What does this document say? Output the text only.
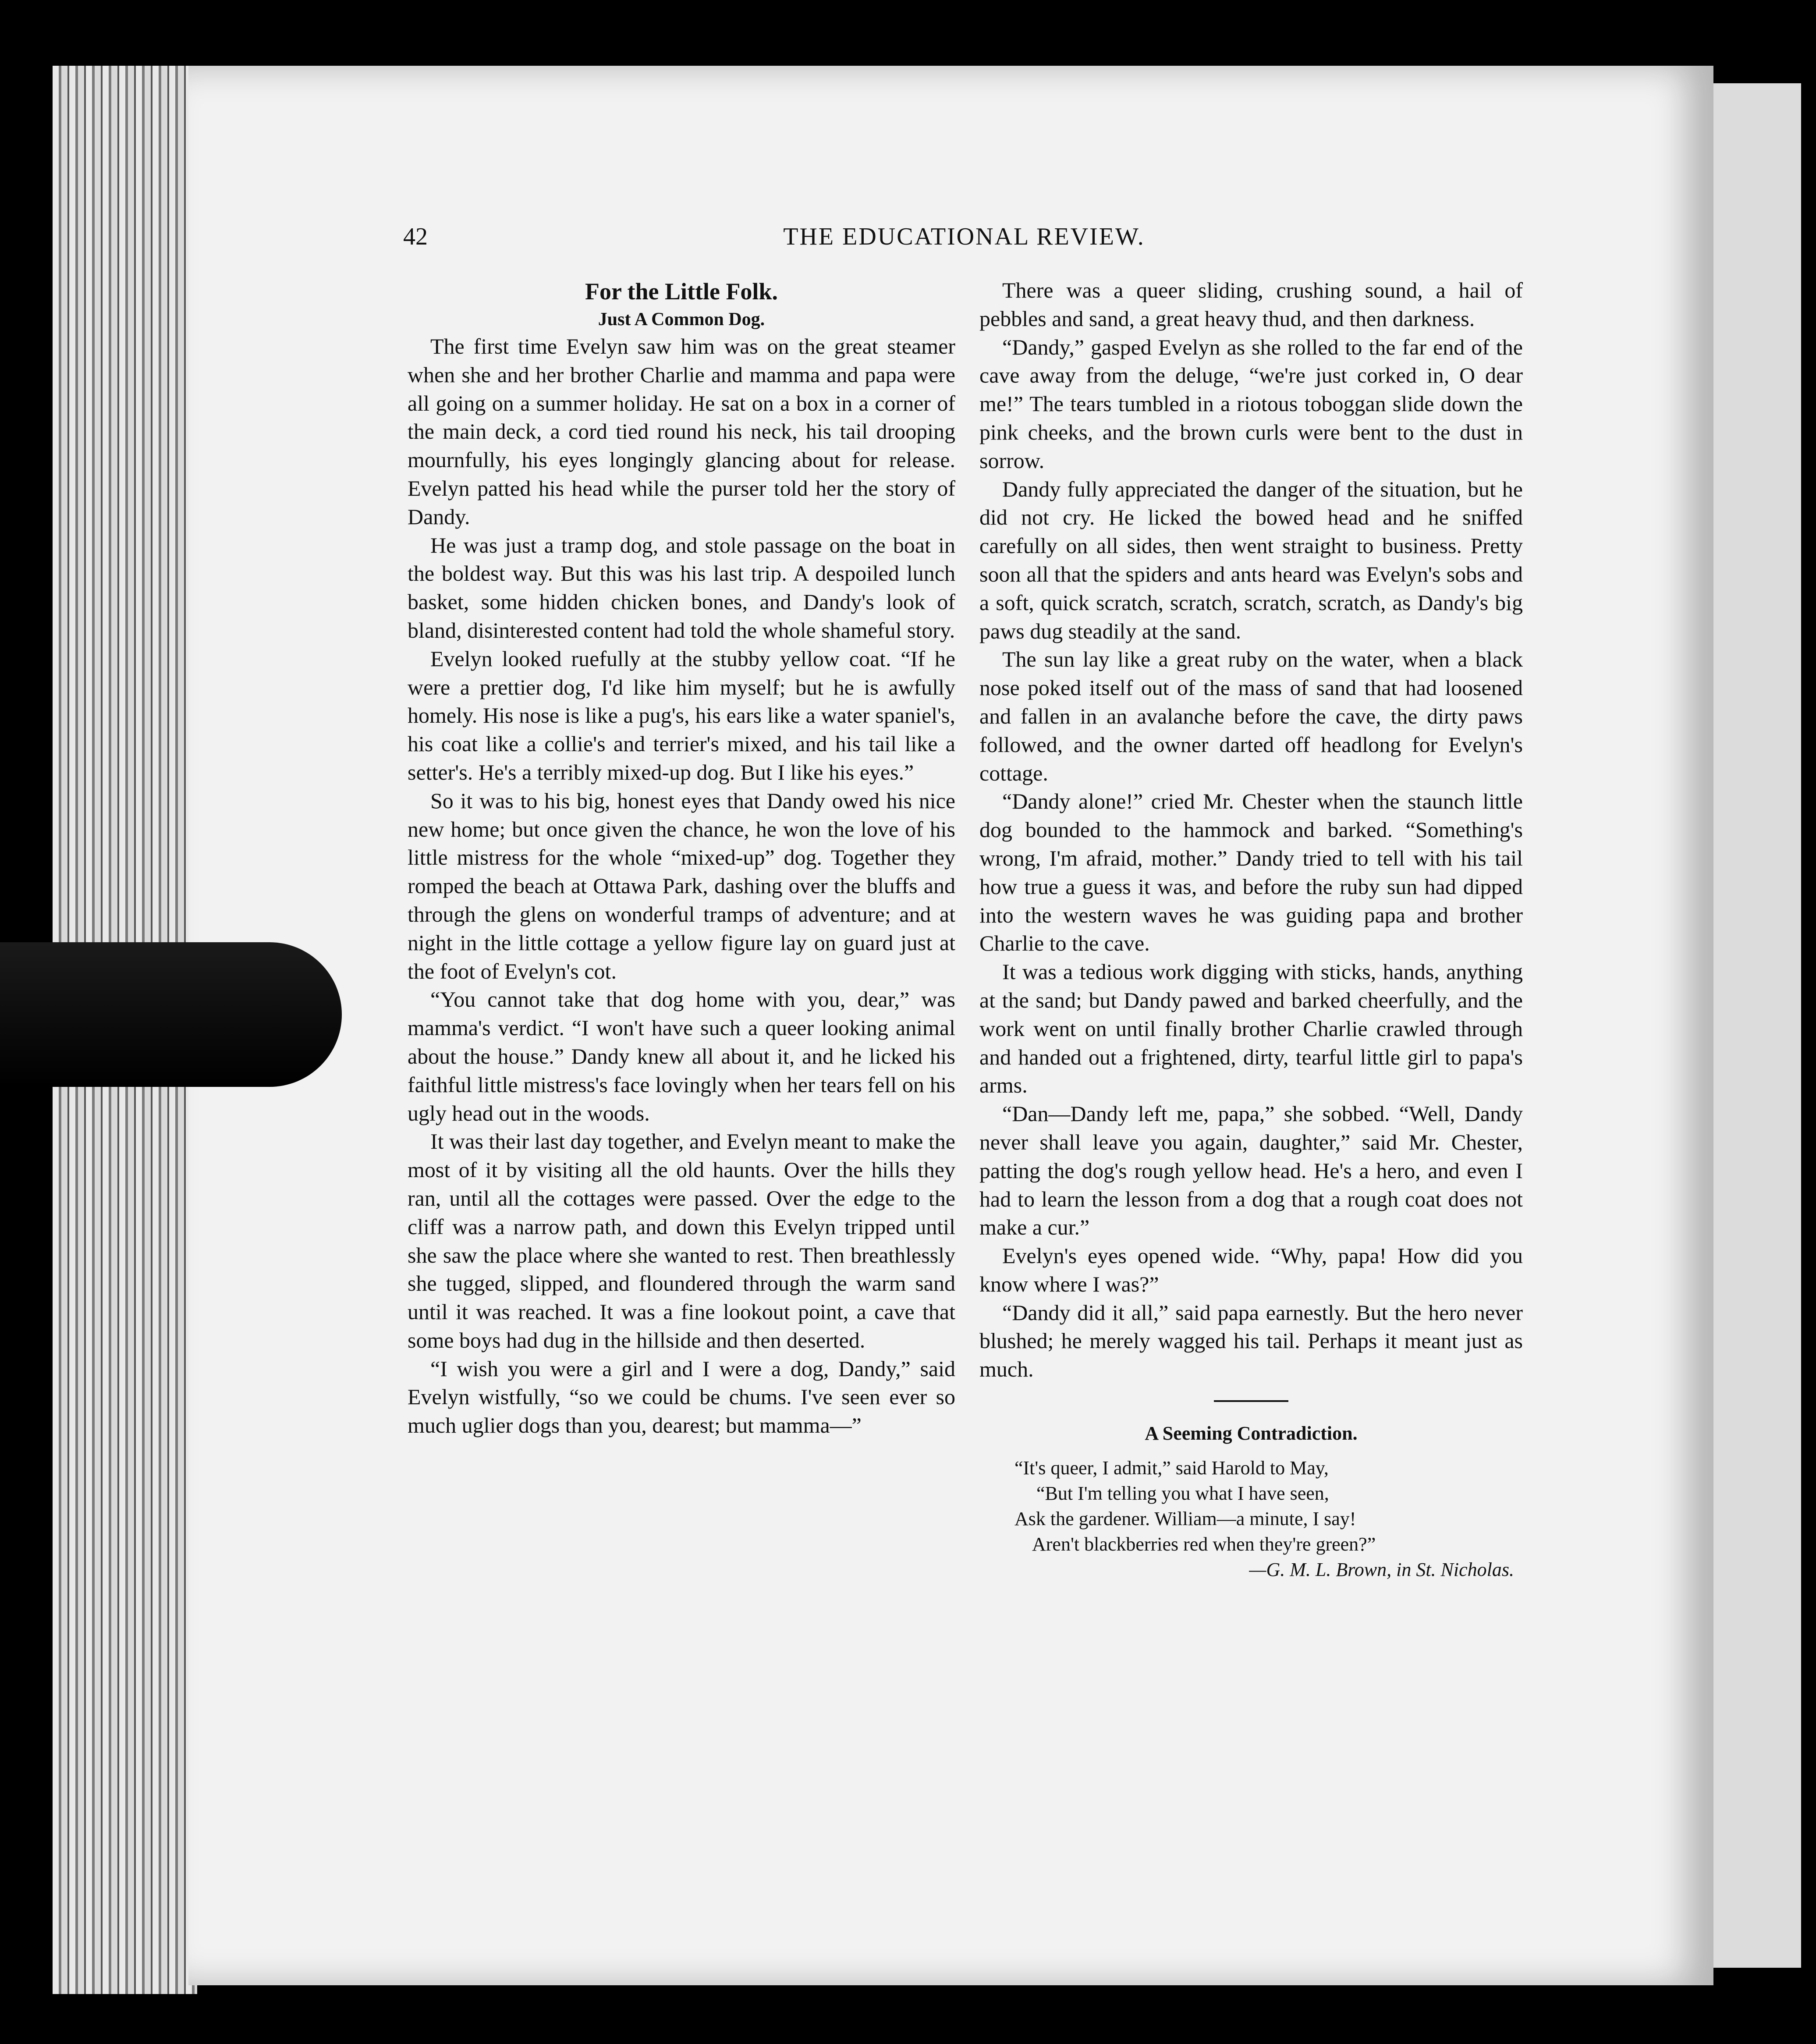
42	THE EDUCATIONAL REVIEW.
For the Little Folk.
Just A Common Dog.

The first time Evelyn saw him was on the great steamer when she and her brother Charlie and mamma and papa were all going on a summer holiday. He sat on a box in a corner of the main deck, a cord tied round his neck, his tail drooping mournfully, his eyes longingly glancing about for release. Evelyn patted his head while the purser told her the story of Dandy.

He was just a tramp dog, and stole passage on the boat in the boldest way. But this was his last trip. A despoiled lunch basket, some hidden chicken bones, and Dandy's look of bland, disinterested content had told the whole shameful story.

Evelyn looked ruefully at the stubby yellow coat. “If he were a prettier dog, I'd like him myself; but he is awfully homely. His nose is like a pug's, his ears like a water spaniel's, his coat like a collie's and terrier's mixed, and his tail like a setter's. He's a terribly mixed-up dog. But I like his eyes.”

So it was to his big, honest eyes that Dandy owed his nice new home; but once given the chance, he won the love of his little mistress for the whole “mixed-up” dog. Together they romped the beach at Ottawa Park, dashing over the bluffs and through the glens on wonderful tramps of adventure; and at night in the little cottage a yellow figure lay on guard just at the foot of Evelyn's cot.

“You cannot take that dog home with you, dear,” was mamma's verdict. “I won't have such a queer looking animal about the house.” Dandy knew all about it, and he licked his faithful little mistress's face lovingly when her tears fell on his ugly head out in the woods.

It was their last day together, and Evelyn meant to make the most of it by visiting all the old haunts. Over the hills they ran, until all the cottages were passed. Over the edge to the cliff was a narrow path, and down this Evelyn tripped until she saw the place where she wanted to rest. Then breathlessly she tugged, slipped, and floundered through the warm sand until it was reached. It was a fine lookout point, a cave that some boys had dug in the hillside and then deserted.

“I wish you were a girl and I were a dog, Dandy,” said Evelyn wistfully, “so we could be chums. I've seen ever so much uglier dogs than you, dearest; but mamma—”

There was a queer sliding, crushing sound, a hail of pebbles and sand, a great heavy thud, and then darkness.

“Dandy,” gasped Evelyn as she rolled to the far end of the cave away from the deluge, “we're just corked in, O dear me!” The tears tumbled in a riotous toboggan slide down the pink cheeks, and the brown curls were bent to the dust in sorrow.

Dandy fully appreciated the danger of the situation, but he did not cry. He licked the bowed head and he sniffed carefully on all sides, then went straight to business. Pretty soon all that the spiders and ants heard was Evelyn's sobs and a soft, quick scratch, scratch, scratch, scratch, as Dandy's big paws dug steadily at the sand.

The sun lay like a great ruby on the water, when a black nose poked itself out of the mass of sand that had loosened and fallen in an avalanche before the cave, the dirty paws followed, and the owner darted off headlong for Evelyn's cottage.

“Dandy alone!” cried Mr. Chester when the staunch little dog bounded to the hammock and barked. “Something's wrong, I'm afraid, mother.” Dandy tried to tell with his tail how true a guess it was, and before the ruby sun had dipped into the western waves he was guiding papa and brother Charlie to the cave.

It was a tedious work digging with sticks, hands, anything at the sand; but Dandy pawed and barked cheerfully, and the work went on until finally brother Charlie crawled through and handed out a frightened, dirty, tearful little girl to papa's arms.

“Dan—Dandy left me, papa,” she sobbed. “Well, Dandy never shall leave you again, daughter,” said Mr. Chester, patting the dog's rough yellow head. He's a hero, and even I had to learn the lesson from a dog that a rough coat does not make a cur.”

Evelyn's eyes opened wide. “Why, papa! How did you know where I was?”

“Dandy did it all,” said papa earnestly. But the hero never blushed; he merely wagged his tail. Perhaps it meant just as much.

A Seeming Contradiction.
“It's queer, I admit,” said Harold to May,
“But I'm telling you what I have seen,
Ask the gardener. William—a minute, I say!
Aren't blackberries red when they're green?”
—G. M. L. Brown, in St. Nicholas.
